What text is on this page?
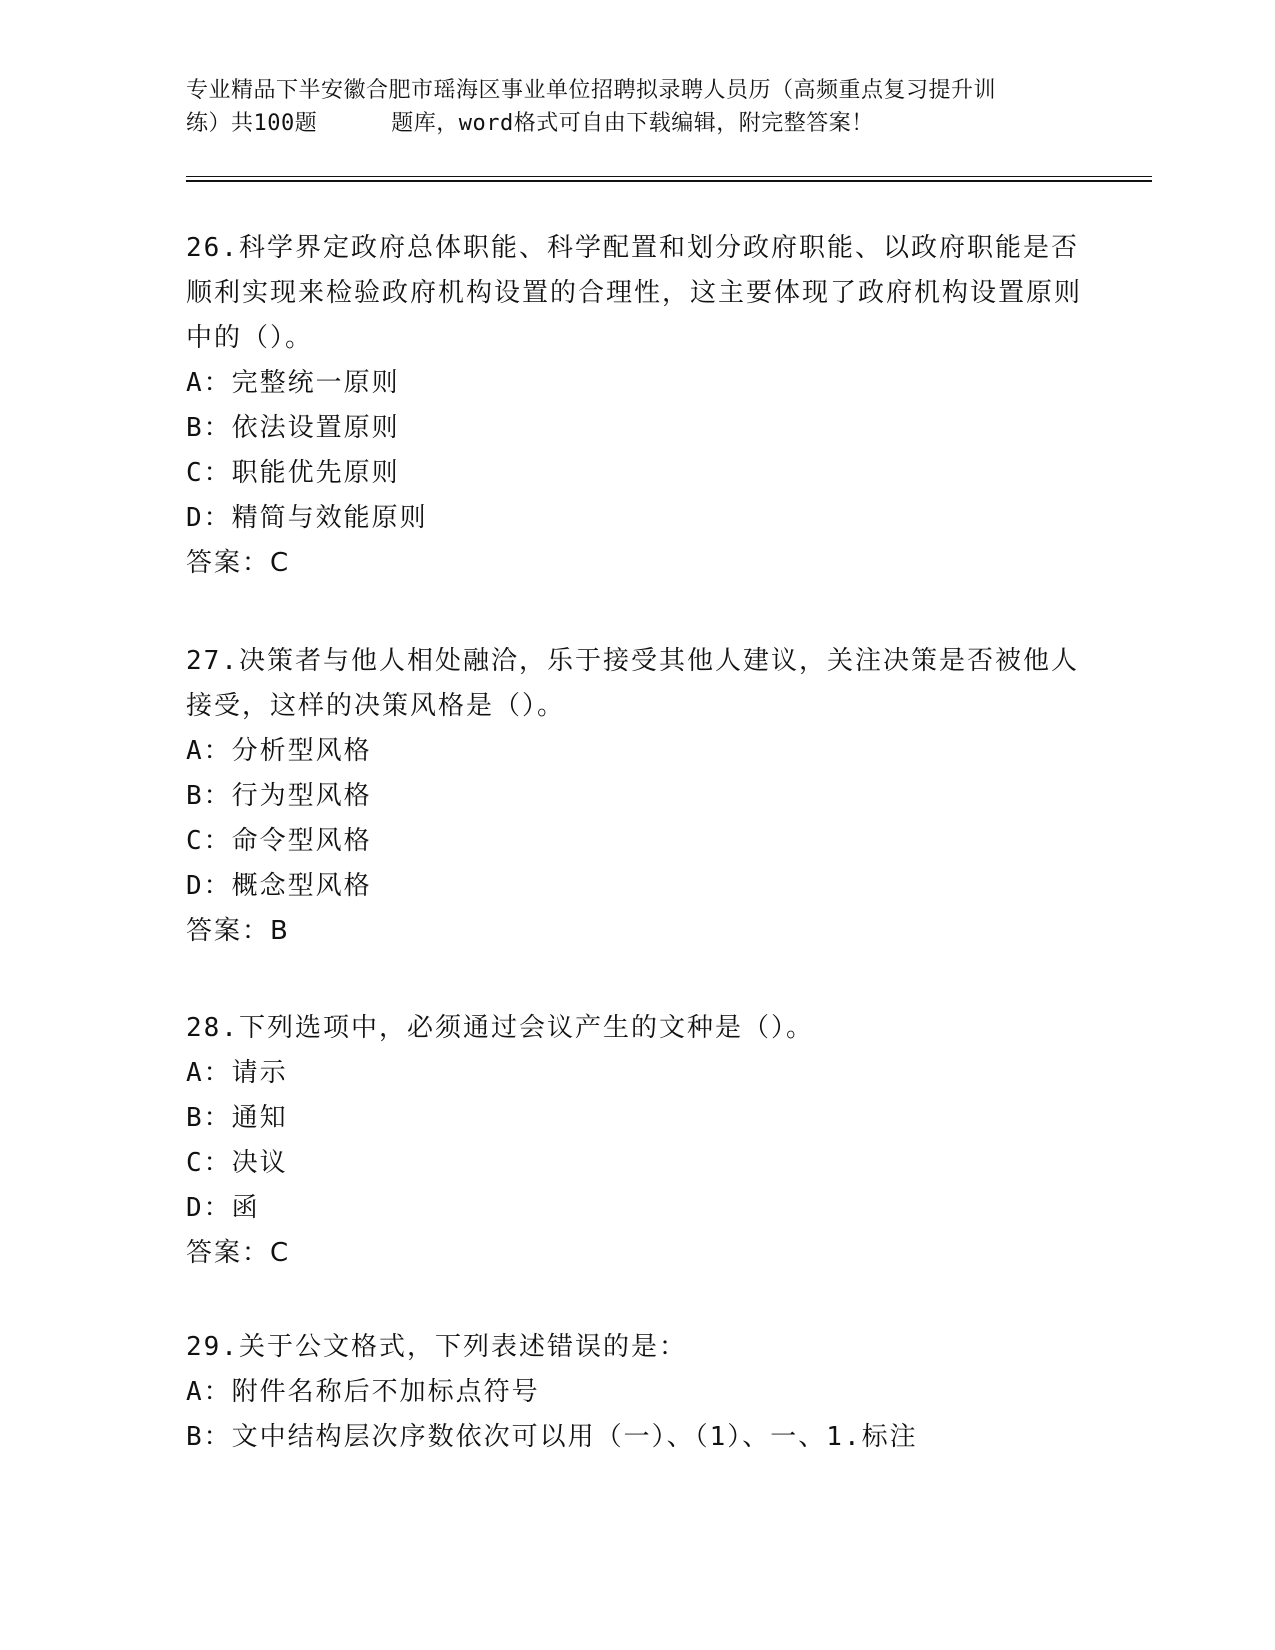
专业精品下半安徽合肥市瑶海区事业单位招聘拟录聘人员历（高频重点复习提升训
练）共100题	题库，word格式可自由下载编辑，附完整答案！
26.科学界定政府总体职能、科学配置和划分政府职能、以政府职能是否顺利实现来检验政府机构设置的合理性，这主要体现了政府机构设置原则中的（）。
A：完整统一原则
B：依法设置原则
C：职能优先原则
D：精简与效能原则
答案：C
27.决策者与他人相处融洽，乐于接受其他人建议，关注决策是否被他人接受，这样的决策风格是（）。
A：分析型风格
B：行为型风格
C：命令型风格
D：概念型风格
答案：B
28.下列选项中，必须通过会议产生的文种是（）。
A：请示
B：通知
C：决议
D：函
答案：C
29.关于公文格式，下列表述错误的是：
A：附件名称后不加标点符号
B：文中结构层次序数依次可以用（一）、（1）、一、1.标注
